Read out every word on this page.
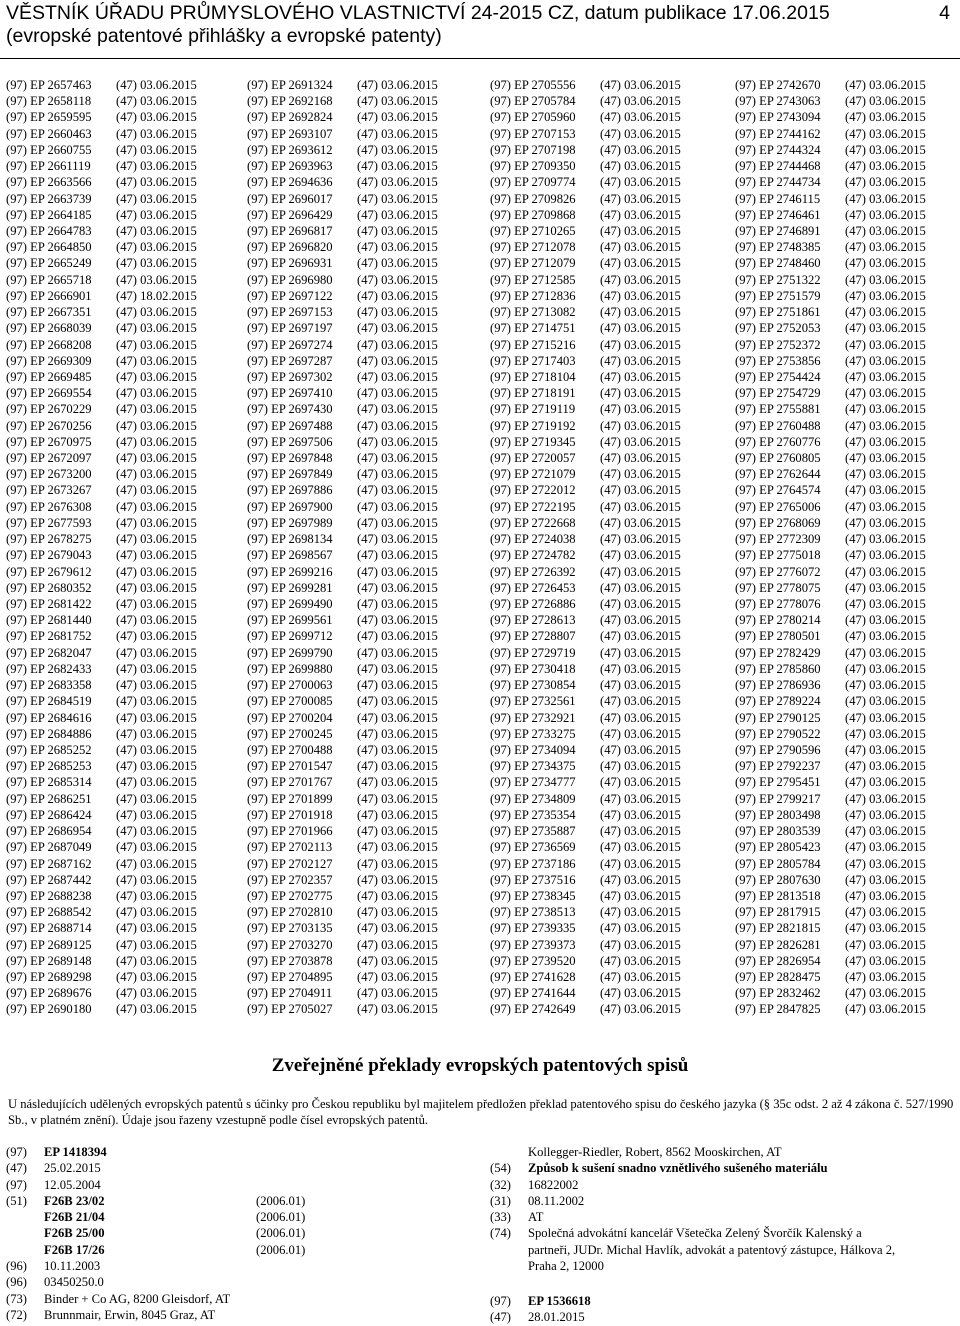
VĚSTNÍK ÚŘADU PRŮMYSLOVÉHO VLASTNICTVÍ 24-2015 CZ, datum publikace 17.06.2015
(evropské patentové přihlášky a evropské patenty)
4
(97) EP 2657463 (47) 03.06.2015
(97) EP 2658118 (47) 03.06.2015
(97) EP 2659595 (47) 03.06.2015
(97) EP 2660463 (47) 03.06.2015
(97) EP 2660755 (47) 03.06.2015
(97) EP 2661119 (47) 03.06.2015
(97) EP 2663566 (47) 03.06.2015
(97) EP 2663739 (47) 03.06.2015
(97) EP 2664185 (47) 03.06.2015
(97) EP 2664783 (47) 03.06.2015
(97) EP 2664850 (47) 03.06.2015
(97) EP 2665249 (47) 03.06.2015
(97) EP 2665718 (47) 03.06.2015
(97) EP 2666901 (47) 18.02.2015
(97) EP 2667351 (47) 03.06.2015
(97) EP 2668039 (47) 03.06.2015
(97) EP 2668208 (47) 03.06.2015
(97) EP 2669309 (47) 03.06.2015
(97) EP 2669485 (47) 03.06.2015
(97) EP 2669554 (47) 03.06.2015
(97) EP 2670229 (47) 03.06.2015
(97) EP 2670256 (47) 03.06.2015
(97) EP 2670975 (47) 03.06.2015
(97) EP 2672097 (47) 03.06.2015
(97) EP 2673200 (47) 03.06.2015
(97) EP 2673267 (47) 03.06.2015
(97) EP 2676308 (47) 03.06.2015
(97) EP 2677593 (47) 03.06.2015
(97) EP 2678275 (47) 03.06.2015
(97) EP 2679043 (47) 03.06.2015
(97) EP 2679612 (47) 03.06.2015
(97) EP 2680352 (47) 03.06.2015
(97) EP 2681422 (47) 03.06.2015
(97) EP 2681440 (47) 03.06.2015
(97) EP 2681752 (47) 03.06.2015
(97) EP 2682047 (47) 03.06.2015
(97) EP 2682433 (47) 03.06.2015
(97) EP 2683358 (47) 03.06.2015
(97) EP 2684519 (47) 03.06.2015
(97) EP 2684616 (47) 03.06.2015
(97) EP 2684886 (47) 03.06.2015
(97) EP 2685252 (47) 03.06.2015
(97) EP 2685253 (47) 03.06.2015
(97) EP 2685314 (47) 03.06.2015
(97) EP 2686251 (47) 03.06.2015
(97) EP 2686424 (47) 03.06.2015
(97) EP 2686954 (47) 03.06.2015
(97) EP 2687049 (47) 03.06.2015
(97) EP 2687162 (47) 03.06.2015
(97) EP 2687442 (47) 03.06.2015
(97) EP 2688238 (47) 03.06.2015
(97) EP 2688542 (47) 03.06.2015
(97) EP 2688714 (47) 03.06.2015
(97) EP 2689125 (47) 03.06.2015
(97) EP 2689148 (47) 03.06.2015
(97) EP 2689298 (47) 03.06.2015
(97) EP 2689676 (47) 03.06.2015
(97) EP 2690180 (47) 03.06.2015
(97) EP 2691324 (47) 03.06.2015
(97) EP 2692168 (47) 03.06.2015
(97) EP 2692824 (47) 03.06.2015
(97) EP 2693107 (47) 03.06.2015
(97) EP 2693612 (47) 03.06.2015
(97) EP 2693963 (47) 03.06.2015
(97) EP 2694636 (47) 03.06.2015
(97) EP 2696017 (47) 03.06.2015
(97) EP 2696429 (47) 03.06.2015
(97) EP 2696817 (47) 03.06.2015
(97) EP 2696820 (47) 03.06.2015
(97) EP 2696931 (47) 03.06.2015
(97) EP 2696980 (47) 03.06.2015
(97) EP 2697122 (47) 03.06.2015
(97) EP 2697153 (47) 03.06.2015
(97) EP 2697197 (47) 03.06.2015
(97) EP 2697274 (47) 03.06.2015
(97) EP 2697287 (47) 03.06.2015
(97) EP 2697302 (47) 03.06.2015
(97) EP 2697410 (47) 03.06.2015
(97) EP 2697430 (47) 03.06.2015
(97) EP 2697488 (47) 03.06.2015
(97) EP 2697506 (47) 03.06.2015
(97) EP 2697848 (47) 03.06.2015
(97) EP 2697849 (47) 03.06.2015
(97) EP 2697886 (47) 03.06.2015
(97) EP 2697900 (47) 03.06.2015
(97) EP 2697989 (47) 03.06.2015
(97) EP 2698134 (47) 03.06.2015
(97) EP 2698567 (47) 03.06.2015
(97) EP 2699216 (47) 03.06.2015
(97) EP 2699281 (47) 03.06.2015
(97) EP 2699490 (47) 03.06.2015
(97) EP 2699561 (47) 03.06.2015
(97) EP 2699712 (47) 03.06.2015
(97) EP 2699790 (47) 03.06.2015
(97) EP 2699880 (47) 03.06.2015
(97) EP 2700063 (47) 03.06.2015
(97) EP 2700085 (47) 03.06.2015
(97) EP 2700204 (47) 03.06.2015
(97) EP 2700245 (47) 03.06.2015
(97) EP 2700488 (47) 03.06.2015
(97) EP 2701547 (47) 03.06.2015
(97) EP 2701767 (47) 03.06.2015
(97) EP 2701899 (47) 03.06.2015
(97) EP 2701918 (47) 03.06.2015
(97) EP 2701966 (47) 03.06.2015
(97) EP 2702113 (47) 03.06.2015
(97) EP 2702127 (47) 03.06.2015
(97) EP 2702357 (47) 03.06.2015
(97) EP 2702775 (47) 03.06.2015
(97) EP 2702810 (47) 03.06.2015
(97) EP 2703135 (47) 03.06.2015
(97) EP 2703270 (47) 03.06.2015
(97) EP 2703878 (47) 03.06.2015
(97) EP 2704895 (47) 03.06.2015
(97) EP 2704911 (47) 03.06.2015
(97) EP 2705027 (47) 03.06.2015
(97) EP 2705556 (47) 03.06.2015
(97) EP 2705784 (47) 03.06.2015
(97) EP 2705960 (47) 03.06.2015
(97) EP 2707153 (47) 03.06.2015
(97) EP 2707198 (47) 03.06.2015
(97) EP 2709350 (47) 03.06.2015
(97) EP 2709774 (47) 03.06.2015
(97) EP 2709826 (47) 03.06.2015
(97) EP 2709868 (47) 03.06.2015
(97) EP 2710265 (47) 03.06.2015
(97) EP 2712078 (47) 03.06.2015
(97) EP 2712079 (47) 03.06.2015
(97) EP 2712585 (47) 03.06.2015
(97) EP 2712836 (47) 03.06.2015
(97) EP 2713082 (47) 03.06.2015
(97) EP 2714751 (47) 03.06.2015
(97) EP 2715216 (47) 03.06.2015
(97) EP 2717403 (47) 03.06.2015
(97) EP 2718104 (47) 03.06.2015
(97) EP 2718191 (47) 03.06.2015
(97) EP 2719119 (47) 03.06.2015
(97) EP 2719192 (47) 03.06.2015
(97) EP 2719345 (47) 03.06.2015
(97) EP 2720057 (47) 03.06.2015
(97) EP 2721079 (47) 03.06.2015
(97) EP 2722012 (47) 03.06.2015
(97) EP 2722195 (47) 03.06.2015
(97) EP 2722668 (47) 03.06.2015
(97) EP 2724038 (47) 03.06.2015
(97) EP 2724782 (47) 03.06.2015
(97) EP 2726392 (47) 03.06.2015
(97) EP 2726453 (47) 03.06.2015
(97) EP 2726886 (47) 03.06.2015
(97) EP 2728613 (47) 03.06.2015
(97) EP 2728807 (47) 03.06.2015
(97) EP 2729719 (47) 03.06.2015
(97) EP 2730418 (47) 03.06.2015
(97) EP 2730854 (47) 03.06.2015
(97) EP 2732561 (47) 03.06.2015
(97) EP 2732921 (47) 03.06.2015
(97) EP 2733275 (47) 03.06.2015
(97) EP 2734094 (47) 03.06.2015
(97) EP 2734375 (47) 03.06.2015
(97) EP 2734777 (47) 03.06.2015
(97) EP 2734809 (47) 03.06.2015
(97) EP 2735354 (47) 03.06.2015
(97) EP 2735887 (47) 03.06.2015
(97) EP 2736569 (47) 03.06.2015
(97) EP 2737186 (47) 03.06.2015
(97) EP 2737516 (47) 03.06.2015
(97) EP 2738345 (47) 03.06.2015
(97) EP 2738513 (47) 03.06.2015
(97) EP 2739335 (47) 03.06.2015
(97) EP 2739373 (47) 03.06.2015
(97) EP 2739520 (47) 03.06.2015
(97) EP 2741628 (47) 03.06.2015
(97) EP 2741644 (47) 03.06.2015
(97) EP 2742649 (47) 03.06.2015
(97) EP 2742670 (47) 03.06.2015
(97) EP 2743063 (47) 03.06.2015
(97) EP 2743094 (47) 03.06.2015
(97) EP 2744162 (47) 03.06.2015
(97) EP 2744324 (47) 03.06.2015
(97) EP 2744468 (47) 03.06.2015
(97) EP 2744734 (47) 03.06.2015
(97) EP 2746115 (47) 03.06.2015
(97) EP 2746461 (47) 03.06.2015
(97) EP 2746891 (47) 03.06.2015
(97) EP 2748385 (47) 03.06.2015
(97) EP 2748460 (47) 03.06.2015
(97) EP 2751322 (47) 03.06.2015
(97) EP 2751579 (47) 03.06.2015
(97) EP 2751861 (47) 03.06.2015
(97) EP 2752053 (47) 03.06.2015
(97) EP 2752372 (47) 03.06.2015
(97) EP 2753856 (47) 03.06.2015
(97) EP 2754424 (47) 03.06.2015
(97) EP 2754729 (47) 03.06.2015
(97) EP 2755881 (47) 03.06.2015
(97) EP 2760488 (47) 03.06.2015
(97) EP 2760776 (47) 03.06.2015
(97) EP 2760805 (47) 03.06.2015
(97) EP 2762644 (47) 03.06.2015
(97) EP 2764574 (47) 03.06.2015
(97) EP 2765006 (47) 03.06.2015
(97) EP 2768069 (47) 03.06.2015
(97) EP 2772309 (47) 03.06.2015
(97) EP 2775018 (47) 03.06.2015
(97) EP 2776072 (47) 03.06.2015
(97) EP 2778075 (47) 03.06.2015
(97) EP 2778076 (47) 03.06.2015
(97) EP 2780214 (47) 03.06.2015
(97) EP 2780501 (47) 03.06.2015
(97) EP 2782429 (47) 03.06.2015
(97) EP 2785860 (47) 03.06.2015
(97) EP 2786936 (47) 03.06.2015
(97) EP 2789224 (47) 03.06.2015
(97) EP 2790125 (47) 03.06.2015
(97) EP 2790522 (47) 03.06.2015
(97) EP 2790596 (47) 03.06.2015
(97) EP 2792237 (47) 03.06.2015
(97) EP 2795451 (47) 03.06.2015
(97) EP 2799217 (47) 03.06.2015
(97) EP 2803498 (47) 03.06.2015
(97) EP 2803539 (47) 03.06.2015
(97) EP 2805423 (47) 03.06.2015
(97) EP 2805784 (47) 03.06.2015
(97) EP 2807630 (47) 03.06.2015
(97) EP 2813518 (47) 03.06.2015
(97) EP 2817915 (47) 03.06.2015
(97) EP 2821815 (47) 03.06.2015
(97) EP 2826281 (47) 03.06.2015
(97) EP 2826954 (47) 03.06.2015
(97) EP 2828475 (47) 03.06.2015
(97) EP 2832462 (47) 03.06.2015
(97) EP 2847825 (47) 03.06.2015
Zveřejněné překlady evropských patentových spisů
U následujících udělených evropských patentů s účinky pro Českou republiku byl majitelem předložen překlad patentového spisu do českého jazyka (§ 35c odst. 2 až 4 zákona č. 527/1990 Sb., v platném znění). Údaje jsou řazeny vzestupně podle čísel evropských patentů.
(97) EP 1418394
(47) 25.02.2015
(97) 12.05.2004
(51) F26B 23/02	(2006.01)
F26B 21/04	(2006.01)
F26B 25/00	(2006.01)
F26B 17/26	(2006.01)
(96) 10.11.2003
(96) 03450250.0
(73) Binder + Co AG, 8200 Gleisdorf, AT
(72) Brunnmair, Erwin, 8045 Graz, AT
Kollegger-Riedler, Robert, 8562 Mooskirchen, AT
(54) Způsob k sušení snadno vznětlivého sušeného materiálu
(32) 16822002
(31) 08.11.2002
(33) AT
(74) Společná advokátní kancelář Všetečka Zelený Švorčík Kalenský a
partneři, JUDr. Michal Havlík, advokát a patentový zástupce, Hálkova 2,
Praha 2, 12000
(97) EP 1536618
(47) 28.01.2015
